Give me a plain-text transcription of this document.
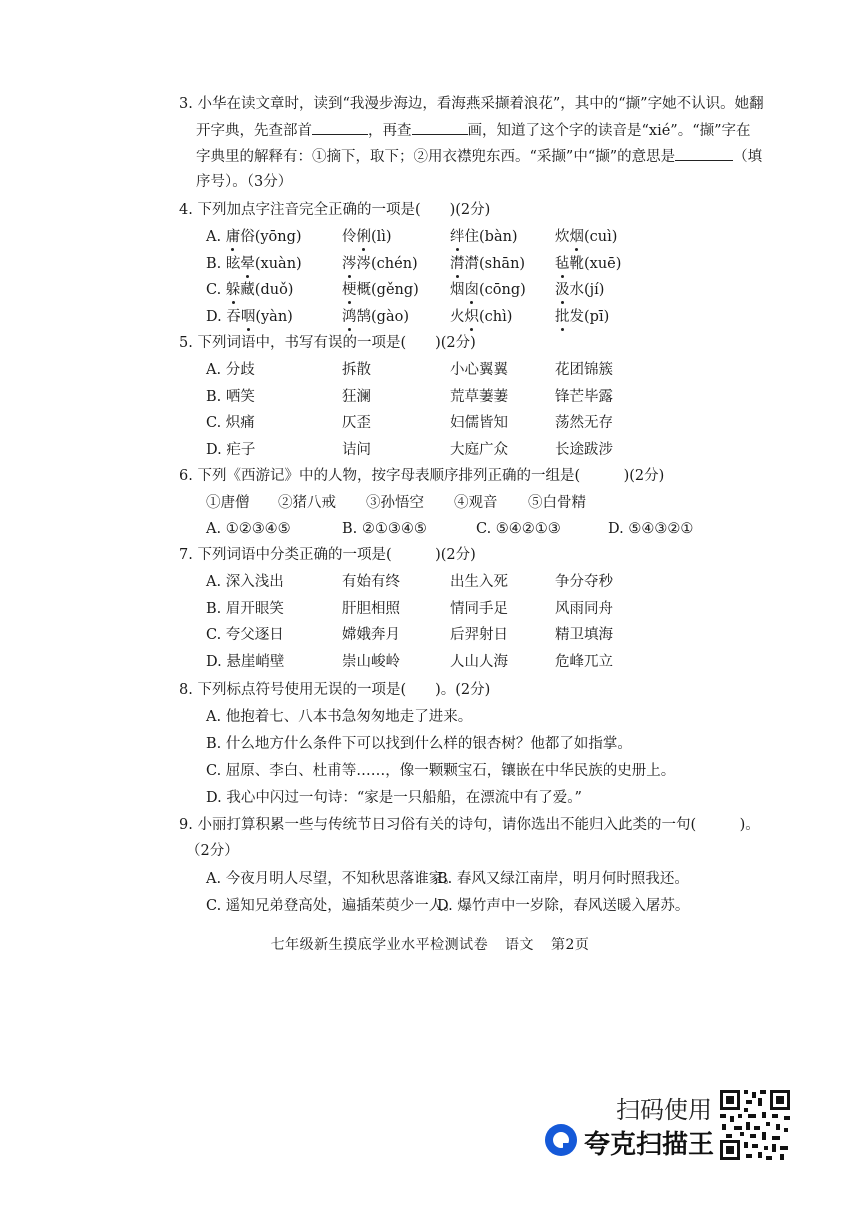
3. 小华在读文章时，读到“我漫步海边，看海燕采撷着浪花”，其中的“撷”字她不认识。她翻
开字典，先查部首	，再查	画，知道了这个字的读音是“xié”。“撷”字在
字典里的解释有：①摘下，取下；②用衣襟兜东西。“采撷”中“撷”的意思是	（填
序号）。（3分）
4. 下列加点字注音完全正确的一项是(　　)(2分)
A. 庸俗(yōng)	伶俐(lì)	绊住(bàn)	炊烟(cuì)
B. 眩晕(xuàn)	涔涔(chén) 潸潸(shān) 毡靴(xuē)
C. 躲藏(duǒ)	梗概(gěng) 烟囱(cōng) 汲水(jí)
D. 吞咽(yàn)	鸿鹄(gào)	火炽(chì)	批发(pī)
5. 下列词语中，书写有误的一项是(　　)(2分)
A. 分歧	拆散	小心翼翼	花团锦簇
B. 哂笑	狂澜	荒草萋萋	锋芒毕露
C. 炽痛	仄歪	妇儒皆知	荡然无存
D. 疟子	诘问	大庭广众	长途跋涉
6. 下列《西游记》中的人物，按字母表顺序排列正确的一组是(　　　)(2分)
①唐僧 ②猪八戒 ③孙悟空 ④观音 ⑤白骨精
A. ①②③④⑤	B. ②①③④⑤	C. ⑤④②①③	D. ⑤④③②①
7. 下列词语中分类正确的一项是(　　　)(2分)
A. 深入浅出	有始有终	出生入死	争分夺秒
B. 眉开眼笑	肝胆相照	情同手足	风雨同舟
C. 夸父逐日	嫦娥奔月	后羿射日	精卫填海
D. 悬崖峭壁	崇山峻岭	人山人海	危峰兀立
8. 下列标点符号使用无误的一项是(　　)。(2分)
A. 他抱着七、八本书急匆匆地走了进来。
B. 什么地方什么条件下可以找到什么样的银杏树？他都了如指掌。
C. 屈原、李白、杜甫等……，像一颗颗宝石，镶嵌在中华民族的史册上。
D. 我心中闪过一句诗：“家是一只船船，在漂流中有了爱。”
9. 小丽打算积累一些与传统节日习俗有关的诗句，请你选出不能归入此类的一句(　　　)。
（2分）
A. 今夜月明人尽望，不知秋思落谁家。
B. 春风又绿江南岸，明月何时照我还。
C. 遥知兄弟登高处，遍插茱萸少一人。
D. 爆竹声中一岁除，春风送暖入屠苏。
七年级新生摸底学业水平检测试卷 语文 第2页
扫码使用
夸克扫描王
